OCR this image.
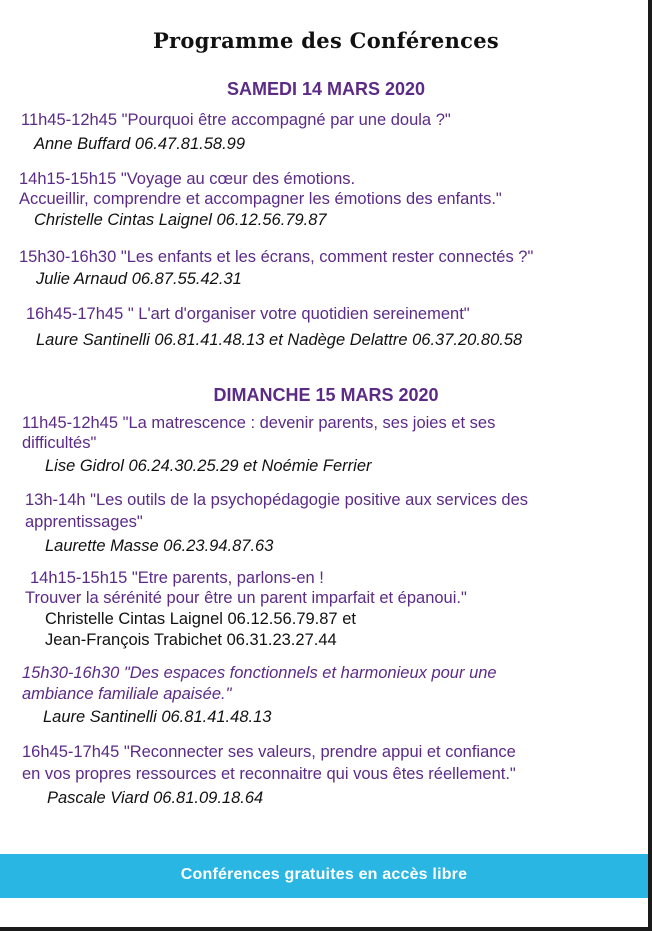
Programme des Conférences
SAMEDI 14 MARS 2020
11h45-12h45 "Pourquoi être accompagné par une doula ?"
Anne Buffard 06.47.81.58.99
14h15-15h15 "Voyage au cœur des émotions.
Accueillir, comprendre et accompagner les émotions des enfants."
Christelle Cintas Laignel 06.12.56.79.87
15h30-16h30 "Les enfants et les écrans, comment rester connectés ?"
Julie Arnaud 06.87.55.42.31
16h45-17h45 " L'art d'organiser votre quotidien sereinement"
Laure Santinelli 06.81.41.48.13 et Nadège Delattre 06.37.20.80.58
DIMANCHE 15 MARS 2020
11h45-12h45 "La matrescence : devenir parents, ses joies et ses
difficultés"
Lise Gidrol 06.24.30.25.29 et Noémie Ferrier
13h-14h "Les outils de la psychopédagogie positive aux services des
apprentissages"
Laurette Masse 06.23.94.87.63
14h15-15h15 "Etre parents, parlons-en !
Trouver la sérénité pour être un parent imparfait et épanoui."
Christelle Cintas Laignel 06.12.56.79.87 et
Jean-François Trabichet 06.31.23.27.44
15h30-16h30 "Des espaces fonctionnels et harmonieux pour une
ambiance familiale apaisée."
Laure Santinelli 06.81.41.48.13
16h45-17h45 "Reconnecter ses valeurs, prendre appui et confiance
en vos propres ressources et reconnaitre qui vous êtes réellement."
Pascale Viard 06.81.09.18.64
Conférences gratuites en accès libre
